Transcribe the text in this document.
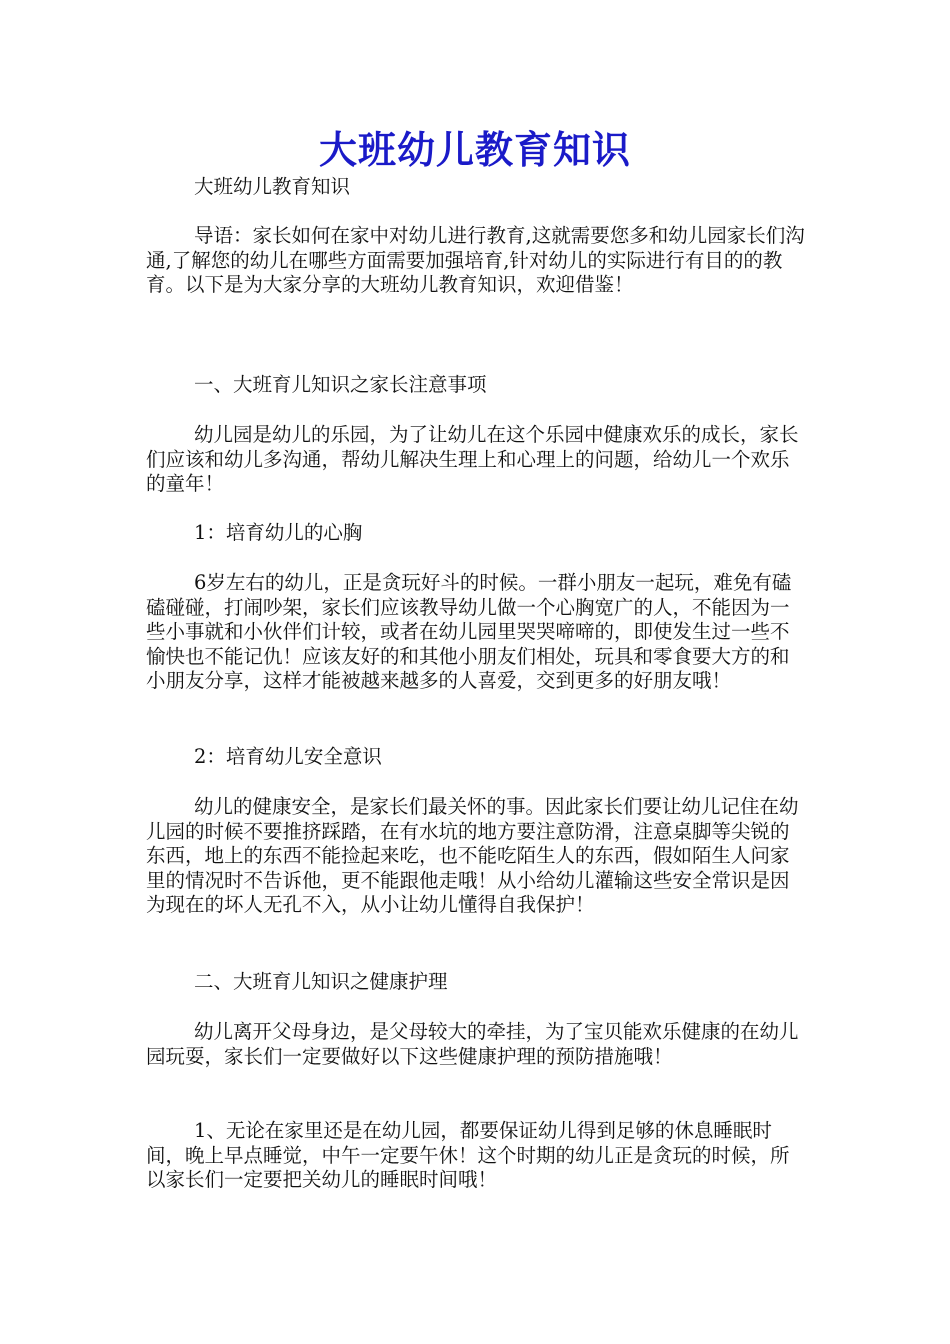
大班幼儿教育知识

大班幼儿教育知识

导语：家长如何在家中对幼儿进行教育,这就需要您多和幼儿园家长们沟通,了解您的幼儿在哪些方面需要加强培育,针对幼儿的实际进行有目的的教育。以下是为大家分享的大班幼儿教育知识，欢迎借鉴！

一、大班育儿知识之家长注意事项

幼儿园是幼儿的乐园，为了让幼儿在这个乐园中健康欢乐的成长，家长们应该和幼儿多沟通，帮幼儿解决生理上和心理上的问题，给幼儿一个欢乐的童年！

1：培育幼儿的心胸

6岁左右的幼儿，正是贪玩好斗的时候。一群小朋友一起玩，难免有磕磕碰碰，打闹吵架，家长们应该教导幼儿做一个心胸宽广的人，不能因为一些小事就和小伙伴们计较，或者在幼儿园里哭哭啼啼的，即使发生过一些不愉快也不能记仇！应该友好的和其他小朋友们相处，玩具和零食要大方的和小朋友分享，这样才能被越来越多的人喜爱，交到更多的好朋友哦！

2：培育幼儿安全意识

幼儿的健康安全，是家长们最关怀的事。因此家长们要让幼儿记住在幼儿园的时候不要推挤踩踏，在有水坑的地方要注意防滑，注意桌脚等尖锐的东西，地上的东西不能捡起来吃，也不能吃陌生人的东西，假如陌生人问家里的情况时不告诉他，更不能跟他走哦！从小给幼儿灌输这些安全常识是因为现在的坏人无孔不入，从小让幼儿懂得自我保护！

二、大班育儿知识之健康护理

幼儿离开父母身边，是父母较大的牵挂，为了宝贝能欢乐健康的在幼儿园玩耍，家长们一定要做好以下这些健康护理的预防措施哦！

1、无论在家里还是在幼儿园，都要保证幼儿得到足够的休息睡眠时间，晚上早点睡觉，中午一定要午休！这个时期的幼儿正是贪玩的时候，所以家长们一定要把关幼儿的睡眠时间哦！
